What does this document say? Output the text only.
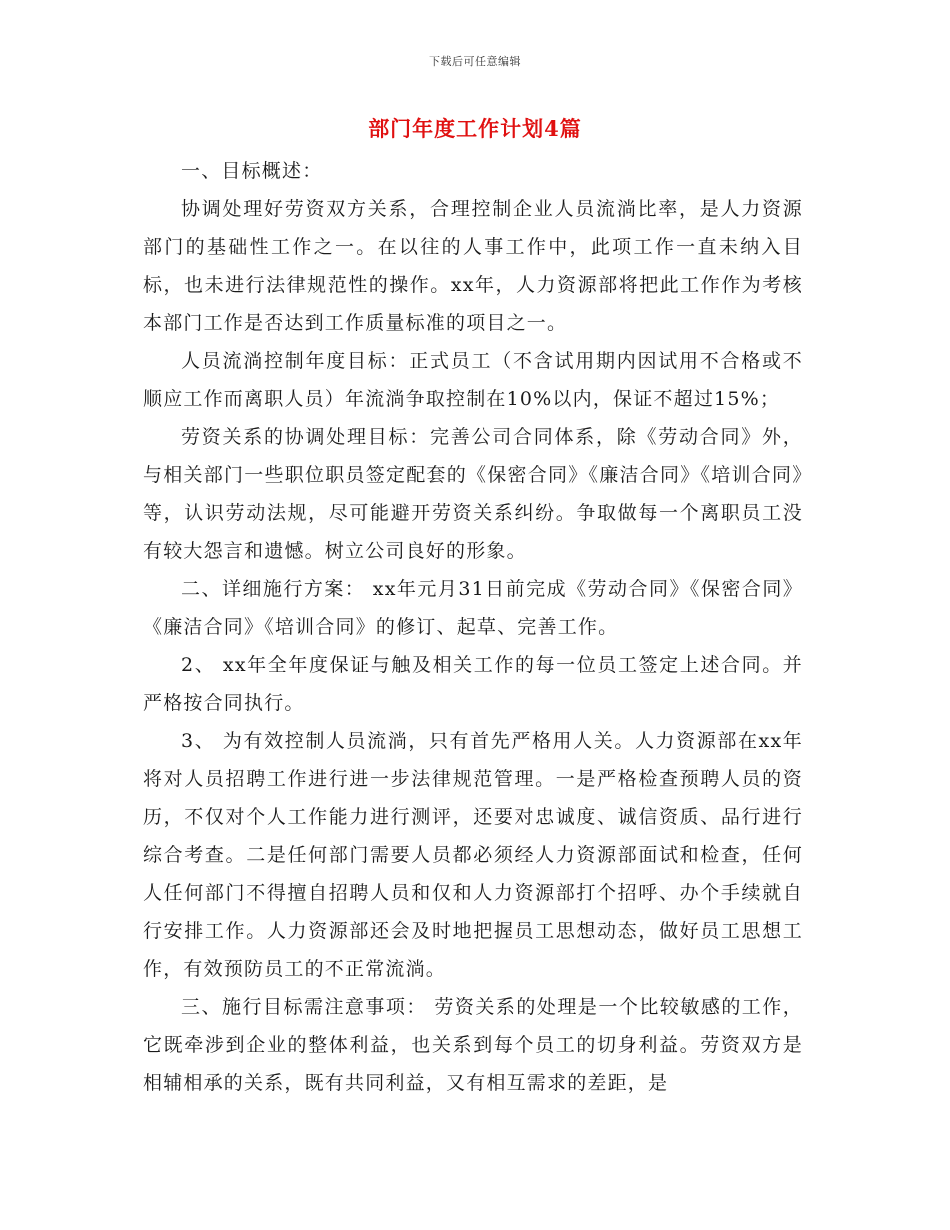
下载后可任意编辑
部门年度工作计划4篇

一、目标概述：

协调处理好劳资双方关系，合理控制企业人员流淌比率，是人力资源部门的基础性工作之一。在以往的人事工作中，此项工作一直未纳入目标，也未进行法律规范性的操作。xx年，人力资源部将把此工作作为考核本部门工作是否达到工作质量标准的项目之一。

人员流淌控制年度目标：正式员工（不含试用期内因试用不合格或不顺应工作而离职人员）年流淌争取控制在10%以内，保证不超过15%；

劳资关系的协调处理目标：完善公司合同体系，除《劳动合同》外，与相关部门一些职位职员签定配套的《保密合同》《廉洁合同》《培训合同》等，认识劳动法规，尽可能避开劳资关系纠纷。争取做每一个离职员工没有较大怨言和遗憾。树立公司良好的形象。

二、详细施行方案： xx年元月31日前完成《劳动合同》《保密合同》《廉洁合同》《培训合同》的修订、起草、完善工作。

2、 xx年全年度保证与触及相关工作的每一位员工签定上述合同。并严格按合同执行。

3、 为有效控制人员流淌，只有首先严格用人关。人力资源部在xx年将对人员招聘工作进行进一步法律规范管理。一是严格检查预聘人员的资历，不仅对个人工作能力进行测评，还要对忠诚度、诚信资质、品行进行综合考查。二是任何部门需要人员都必须经人力资源部面试和检查，任何人任何部门不得擅自招聘人员和仅和人力资源部打个招呼、办个手续就自行安排工作。人力资源部还会及时地把握员工思想动态，做好员工思想工作，有效预防员工的不正常流淌。

三、施行目标需注意事项： 劳资关系的处理是一个比较敏感的工作，它既牵涉到企业的整体利益，也关系到每个员工的切身利益。劳资双方是相辅相承的关系，既有共同利益，又有相互需求的差距，是
